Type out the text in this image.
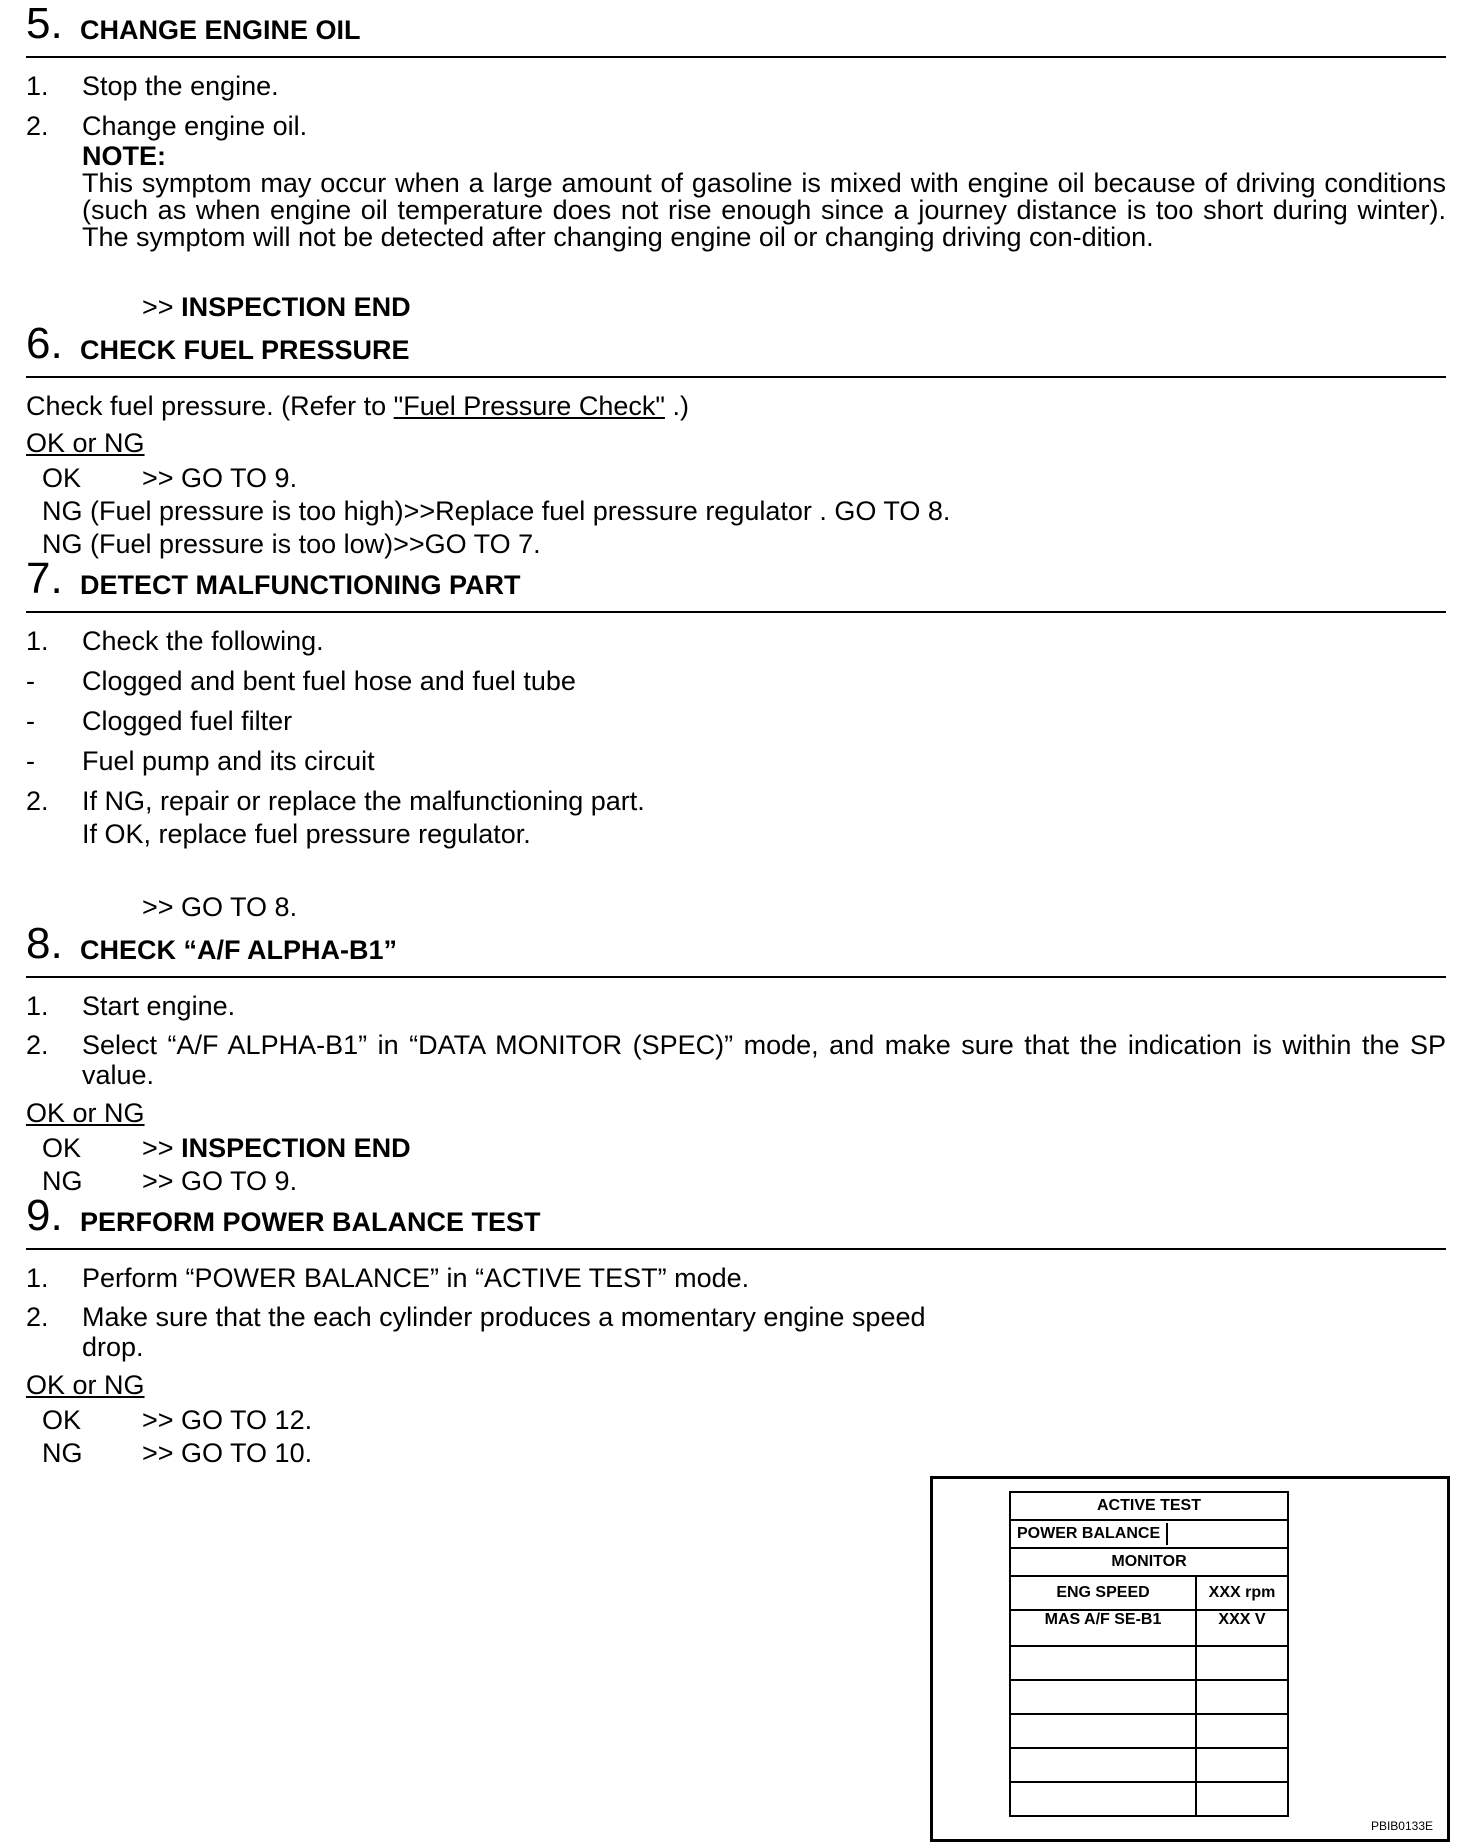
5. CHANGE ENGINE OIL
1. Stop the engine.
2. Change engine oil.
NOTE:
This symptom may occur when a large amount of gasoline is mixed with engine oil because of driving conditions (such as when engine oil temperature does not rise enough since a journey distance is too short during winter). The symptom will not be detected after changing engine oil or changing driving con-dition.
>> INSPECTION END
6. CHECK FUEL PRESSURE
Check fuel pressure. (Refer to "Fuel Pressure Check" .)
OK or NG
OK >> GO TO 9.
NG (Fuel pressure is too high)>>Replace fuel pressure regulator . GO TO 8.
NG (Fuel pressure is too low)>>GO TO 7.
7. DETECT MALFUNCTIONING PART
1. Check the following.
- Clogged and bent fuel hose and fuel tube
- Clogged fuel filter
- Fuel pump and its circuit
2. If NG, repair or replace the malfunctioning part.
If OK, replace fuel pressure regulator.
>> GO TO 8.
8. CHECK “A/F ALPHA-B1”
1. Start engine.
2. Select “A/F ALPHA-B1” in “DATA MONITOR (SPEC)” mode, and make sure that the indication is within the SP value.
OK or NG
OK >> INSPECTION END
NG >> GO TO 9.
9. PERFORM POWER BALANCE TEST
1. Perform “POWER BALANCE” in “ACTIVE TEST” mode.
2. Make sure that the each cylinder produces a momentary engine speed drop.
OK or NG
OK >> GO TO 12.
NG >> GO TO 10.
ACTIVE TEST	
POWER BALANCE	
MONITOR	
ENG SPEED	XXX rpm
MAS A/F SE-B1	XXX V

PBIB0133E
